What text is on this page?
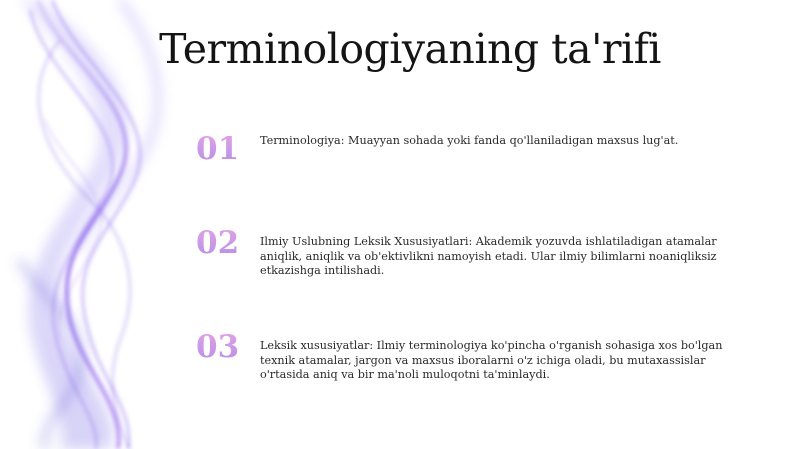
Terminologiyaning ta'rifi
01	Terminologiya: Muayyan sohada yoki fanda qo'llaniladigan maxsus lug'at.
02	Ilmiy Uslubning Leksik Xususiyatlari: Akademik yozuvda ishlatiladigan atamalar aniqlik, aniqlik va ob'ektivlikni namoyish etadi. Ular ilmiy bilimlarni noaniqliksiz etkazishga intilishadi.
03	Leksik xususiyatlar: Ilmiy terminologiya ko'pincha o'rganish sohasiga xos bo'lgan texnik atamalar, jargon va maxsus iboralarni o'z ichiga oladi, bu mutaxassislar o'rtasida aniq va bir ma'noli muloqotni ta'minlaydi.
